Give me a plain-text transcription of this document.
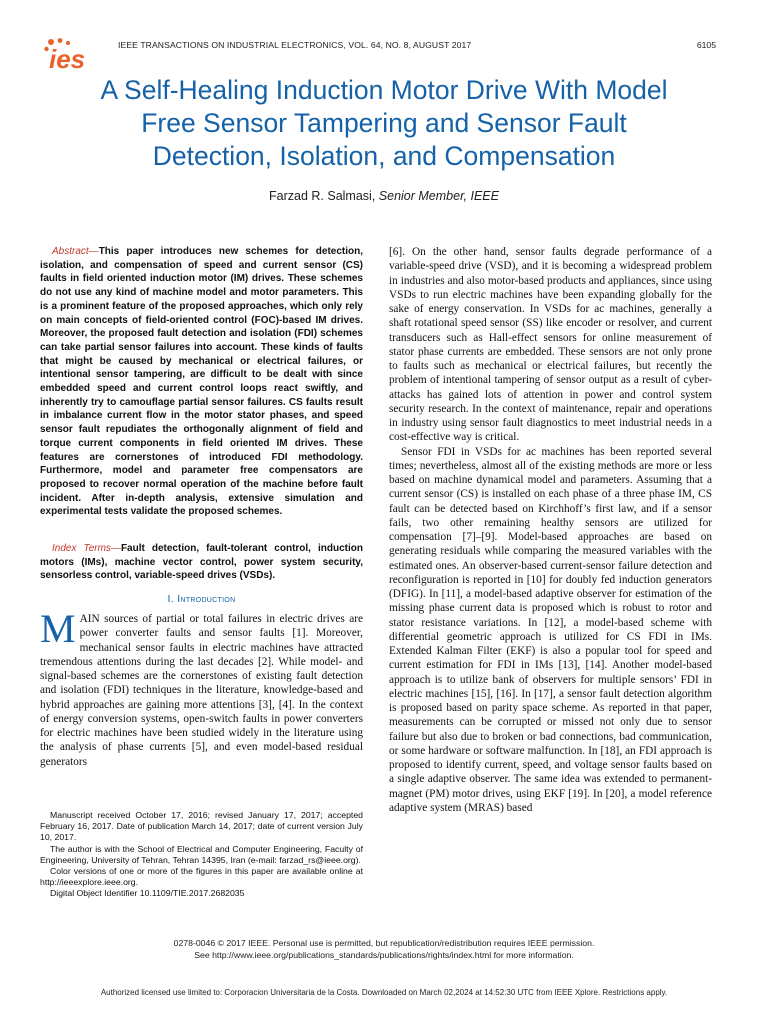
ies	IEEE TRANSACTIONS ON INDUSTRIAL ELECTRONICS, VOL. 64, NO. 8, AUGUST 2017	6105
A Self-Healing Induction Motor Drive With Model
Free Sensor Tampering and Sensor Fault
Detection, Isolation, and Compensation
Farzad R. Salmasi, Senior Member, IEEE

Abstract—This paper introduces new schemes for detection, isolation, and compensation of speed and current sensor (CS) faults in field oriented induction motor (IM) drives. These schemes do not use any kind of machine model and motor parameters. This is a prominent feature of the proposed approaches, which only rely on main concepts of field-oriented control (FOC)-based IM drives. Moreover, the proposed fault detection and isolation (FDI) schemes can take partial sensor failures into account. These kinds of faults that might be caused by mechanical or electrical failures, or intentional sensor tampering, are difficult to be dealt with since embedded speed and current control loops react swiftly, and inherently try to camouflage partial sensor failures. CS faults result in imbalance current flow in the motor stator phases, and speed sensor fault repudiates the orthogonally alignment of field and torque current components in field oriented IM drives. These features are cornerstones of introduced FDI methodology. Furthermore, model and parameter free compensators are proposed to recover normal operation of the machine before fault incident. After in-depth analysis, extensive simulation and experimental tests validate the proposed schemes.

Index Terms—Fault detection, fault-tolerant control, induction motors (IMs), machine vector control, power system security, sensorless control, variable-speed drives (VSDs).

I. Introduction

MAIN sources of partial or total failures in electric drives are power converter faults and sensor faults [1]. Moreover, mechanical sensor faults in electric machines have attracted tremendous attentions during the last decades [2]. While model- and signal-based schemes are the cornerstones of existing fault detection and isolation (FDI) techniques in the literature, knowledge-based and hybrid approaches are gaining more attentions [3], [4]. In the context of energy conversion systems, open-switch faults in power converters for electric machines have been studied widely in the literature using the analysis of phase currents [5], and even model-based residual generators

Manuscript received October 17, 2016; revised January 17, 2017; accepted February 16, 2017. Date of publication March 14, 2017; date of current version July 10, 2017.

The author is with the School of Electrical and Computer Engineering, Faculty of Engineering, University of Tehran, Tehran 14395, Iran (e-mail: farzad_rs@ieee.org).

Color versions of one or more of the figures in this paper are available online at http://ieeexplore.ieee.org.

Digital Object Identifier 10.1109/TIE.2017.2682035

[6]. On the other hand, sensor faults degrade performance of a variable-speed drive (VSD), and it is becoming a widespread problem in industries and also motor-based products and appliances, since using VSDs to run electric machines have been expanding globally for the sake of energy conservation. In VSDs for ac machines, generally a shaft rotational speed sensor (SS) like encoder or resolver, and current transducers such as Hall-effect sensors for online measurement of stator phase currents are embedded. These sensors are not only prone to faults such as mechanical or electrical failures, but recently the problem of intentional tampering of sensor output as a result of cyber-attacks has gained lots of attention in power and control system security research. In the context of maintenance, repair and operations in industry using sensor fault diagnostics to meet industrial needs in a cost-effective way is critical.

Sensor FDI in VSDs for ac machines has been reported several times; nevertheless, almost all of the existing methods are more or less based on machine dynamical model and parameters. Assuming that a current sensor (CS) is installed on each phase of a three phase IM, CS fault can be detected based on Kirchhoff’s first law, and if a sensor fails, two other remaining healthy sensors are utilized for compensation [7]–[9]. Model-based approaches are based on generating residuals while comparing the measured variables with the estimated ones. An observer-based current-sensor failure detection and reconfiguration is reported in [10] for doubly fed induction generators (DFIG). In [11], a model-based adaptive observer for estimation of the missing phase current data is proposed which is robust to rotor and stator resistance variations. In [12], a model-based scheme with differential geometric approach is utilized for CS FDI in IMs. Extended Kalman Filter (EKF) is also a popular tool for speed and current estimation for FDI in IMs [13], [14]. Another model-based approach is to utilize bank of observers for multiple sensors’ FDI in electric machines [15], [16]. In [17], a sensor fault detection algorithm is proposed based on parity space scheme. As reported in that paper, measurements can be corrupted or missed not only due to sensor failure but also due to broken or bad connections, bad communication, or some hardware or software malfunction. In [18], an FDI approach is proposed to identify current, speed, and voltage sensor faults based on a single adaptive observer. The same idea was extended to permanent-magnet (PM) motor drives, using EKF [19]. In [20], a model reference adaptive system (MRAS) based

0278-0046 © 2017 IEEE. Personal use is permitted, but republication/redistribution requires IEEE permission.
See http://www.ieee.org/publications_standards/publications/rights/index.html for more information.
Authorized licensed use limited to: Corporacion Universitaria de la Costa. Downloaded on March 02,2024 at 14:52:30 UTC from IEEE Xplore. Restrictions apply.
